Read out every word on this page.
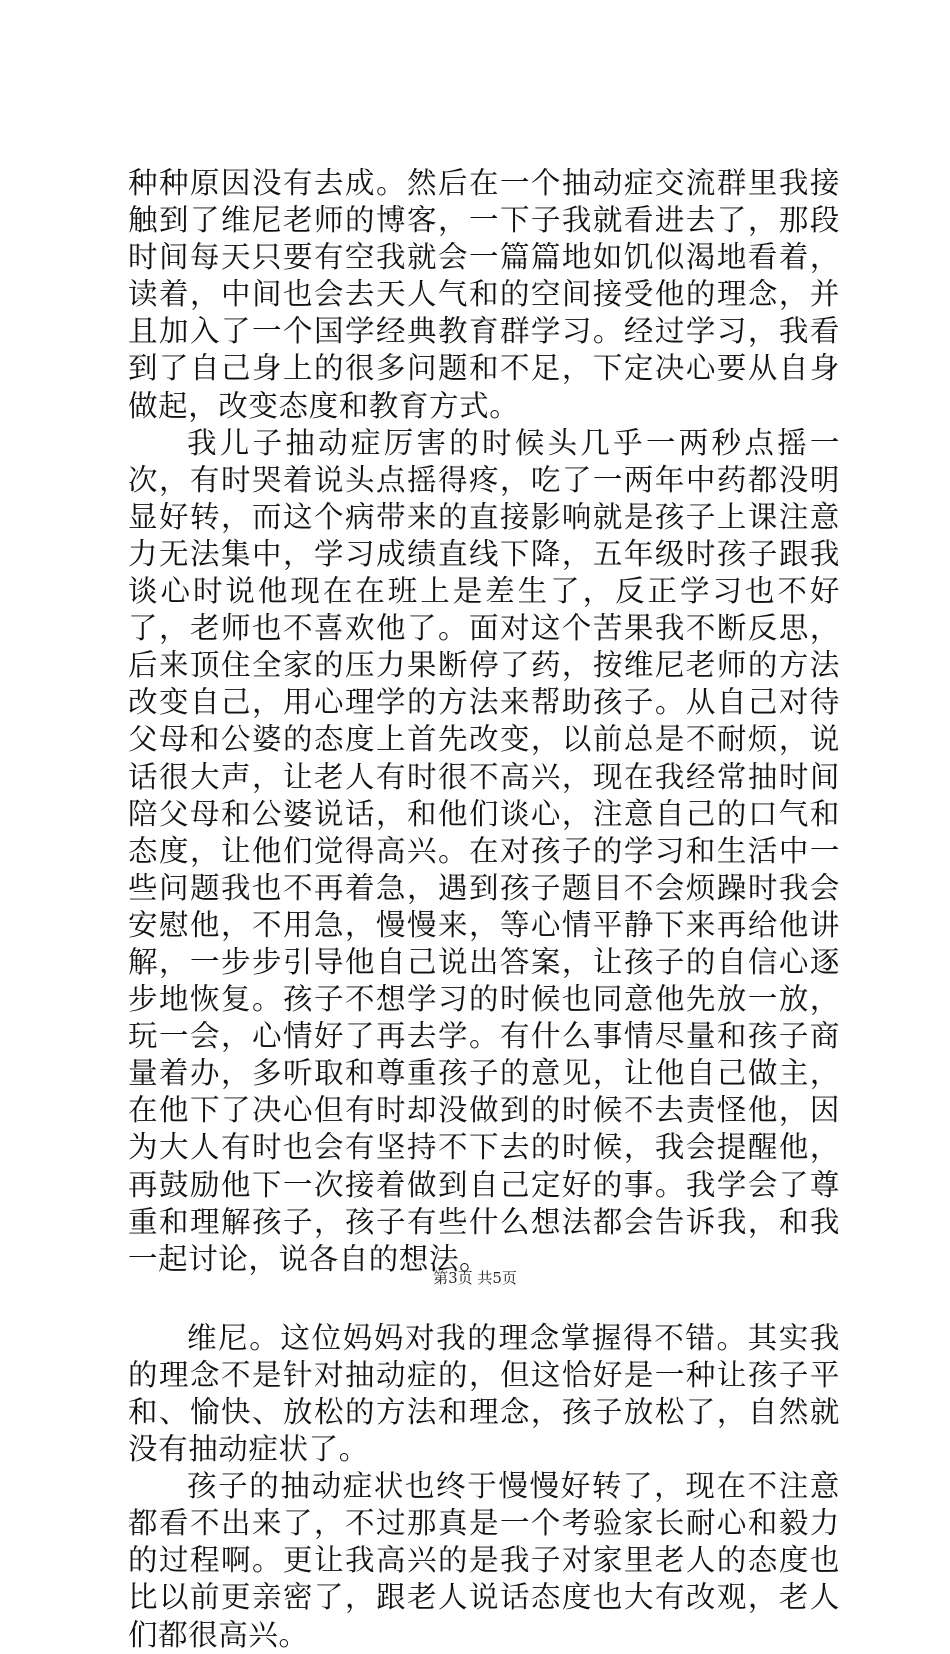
种种原因没有去成。然后在一个抽动症交流群里我接触到了维尼老师的博客，一下子我就看进去了，那段时间每天只要有空我就会一篇篇地如饥似渴地看着，读着，中间也会去天人气和的空间接受他的理念，并且加入了一个国学经典教育群学习。经过学习，我看到了自己身上的很多问题和不足，下定决心要从自身做起，改变态度和教育方式。

我儿子抽动症厉害的时候头几乎一两秒点摇一次，有时哭着说头点摇得疼，吃了一两年中药都没明显好转，而这个病带来的直接影响就是孩子上课注意力无法集中，学习成绩直线下降，五年级时孩子跟我谈心时说他现在在班上是差生了，反正学习也不好了，老师也不喜欢他了。面对这个苦果我不断反思，后来顶住全家的压力果断停了药，按维尼老师的方法改变自己，用心理学的方法来帮助孩子。从自己对待父母和公婆的态度上首先改变，以前总是不耐烦，说话很大声，让老人有时很不高兴，现在我经常抽时间陪父母和公婆说话，和他们谈心，注意自己的口气和态度，让他们觉得高兴。在对孩子的学习和生活中一些问题我也不再着急，遇到孩子题目不会烦躁时我会安慰他，不用急，慢慢来，等心情平静下来再给他讲解，一步步引导他自己说出答案，让孩子的自信心逐步地恢复。孩子不想学习的时候也同意他先放一放，玩一会，心情好了再去学。有什么事情尽量和孩子商量着办，多听取和尊重孩子的意见，让他自己做主，在他下了决心但有时却没做到的时候不去责怪他，因为大人有时也会有坚持不下去的时候，我会提醒他，再鼓励他下一次接着做到自己定好的事。我学会了尊重和理解孩子，孩子有些什么想法都会告诉我，和我一起讨论，说各自的想法。

维尼。这位妈妈对我的理念掌握得不错。其实我的理念不是针对抽动症的，但这恰好是一种让孩子平和、愉快、放松的方法和理念，孩子放松了，自然就没有抽动症状了。

孩子的抽动症状也终于慢慢好转了，现在不注意都看不出来了，不过那真是一个考验家长耐心和毅力的过程啊。更让我高兴的是我子对家里老人的态度也比以前更亲密了，跟老人说话态度也大有改观，老人们都很高兴。

第3页 共5页
